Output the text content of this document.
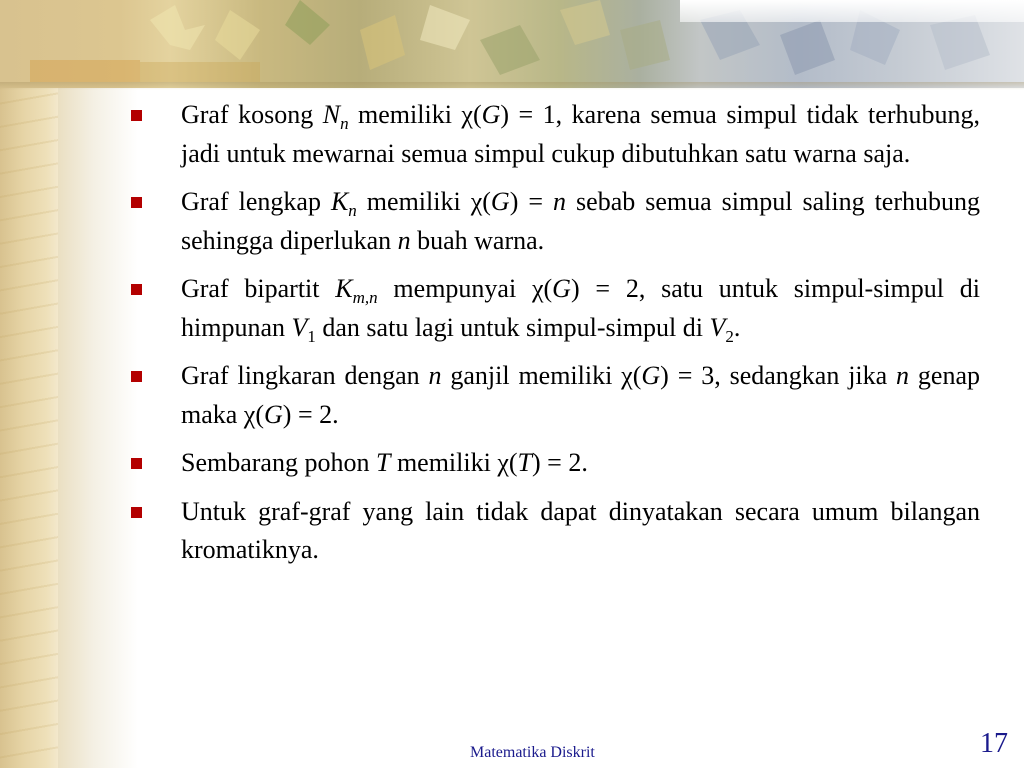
Graf kosong $N_n$ memiliki χ(G) = 1, karena semua simpul tidak terhubung, jadi untuk mewarnai semua simpul cukup dibutuhkan satu warna saja.
Graf lengkap $K_n$ memiliki χ(G) = n sebab semua simpul saling terhubung sehingga diperlukan n buah warna.
Graf bipartit $K_{m,n}$ mempunyai χ(G) = 2, satu untuk simpul-simpul di himpunan $V_1$ dan satu lagi untuk simpul-simpul di $V_2$.
Graf lingkaran dengan n ganjil memiliki χ(G) = 3, sedangkan jika n genap maka χ(G) = 2.
Sembarang pohon T memiliki χ(T) = 2.
Untuk graf-graf yang lain tidak dapat dinyatakan secara umum bilangan kromatiknya.
Matematika Diskrit	17
